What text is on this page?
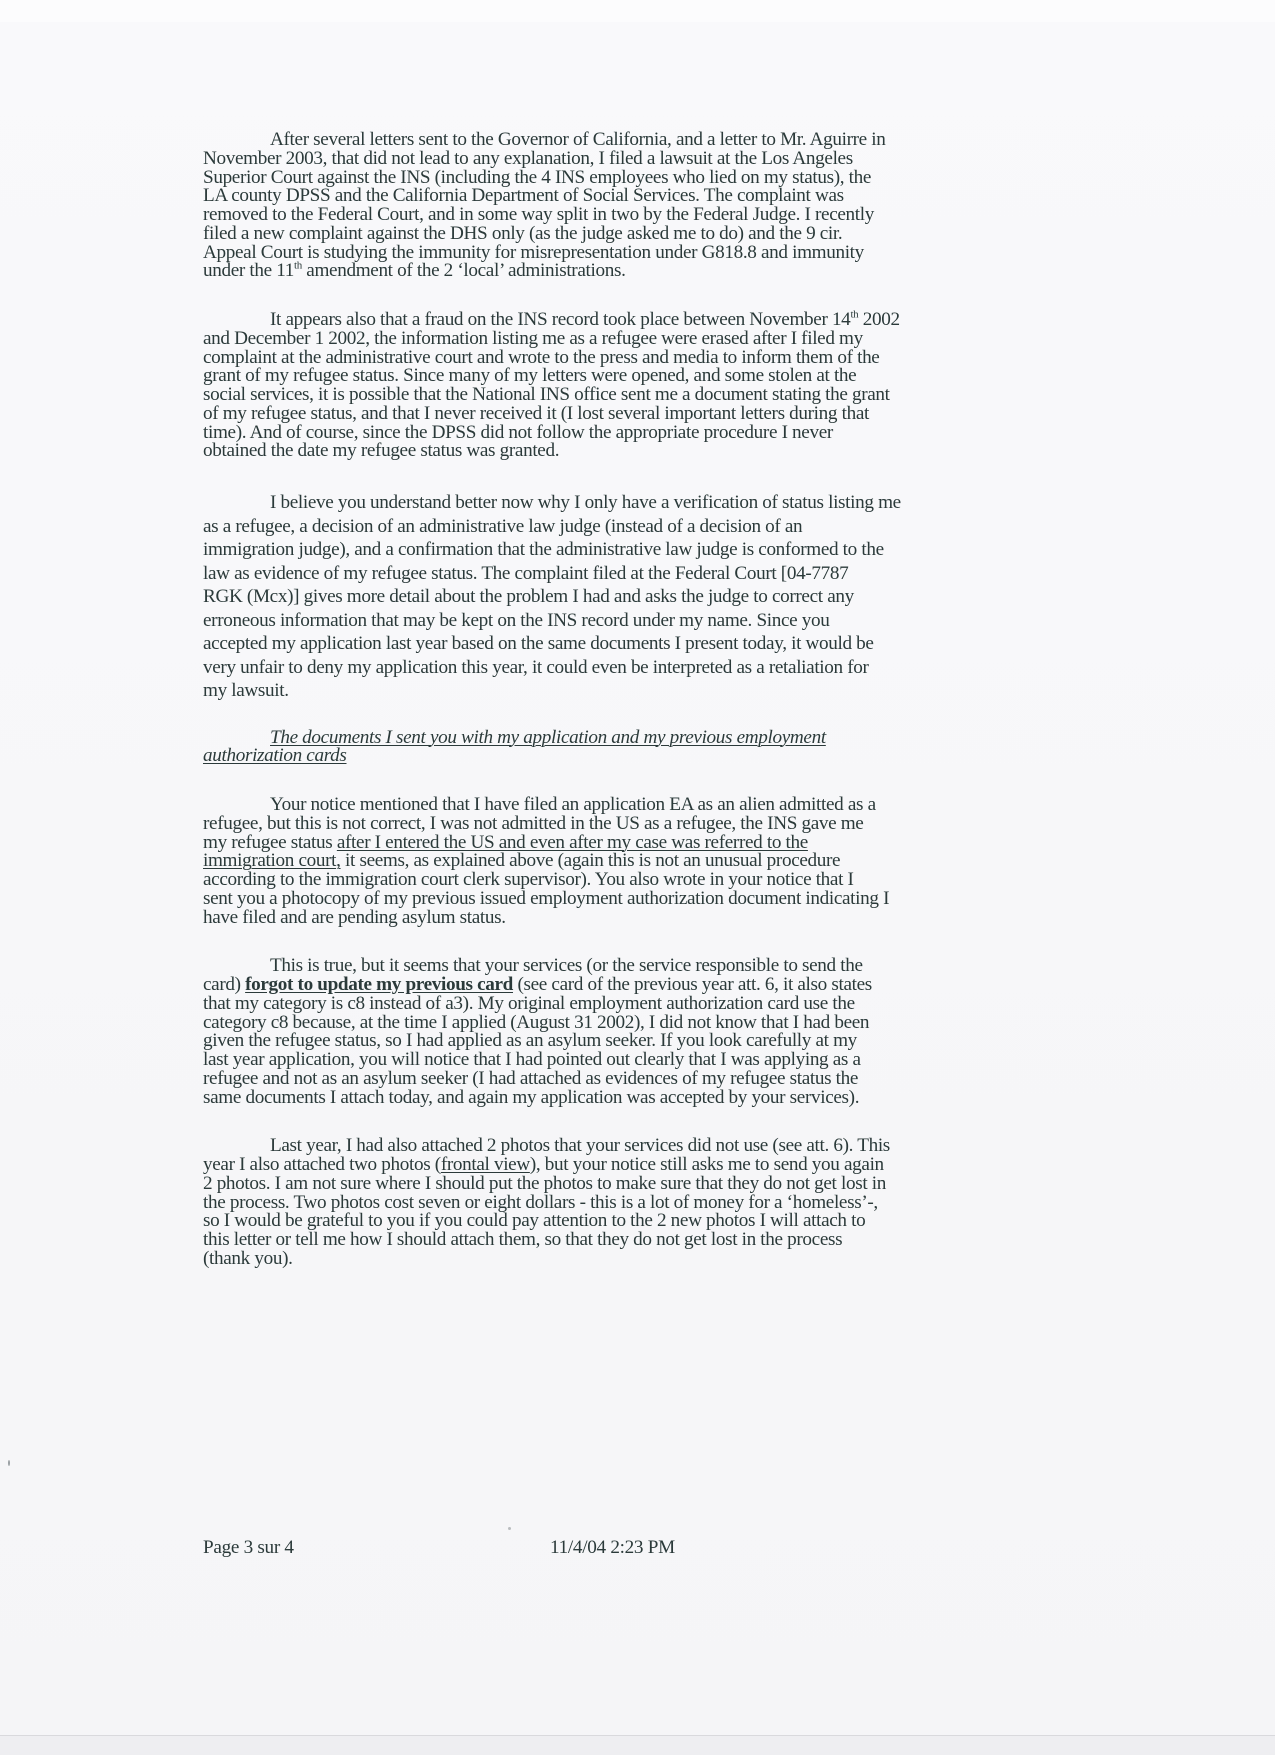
After several letters sent to the Governor of California, and a letter to Mr. Aguirre in
November 2003, that did not lead to any explanation, I filed a lawsuit at the Los Angeles
Superior Court against the INS (including the 4 INS employees who lied on my status), the
LA county DPSS and the California Department of Social Services. The complaint was
removed to the Federal Court, and in some way split in two by the Federal Judge. I recently
filed a new complaint against the DHS only (as the judge asked me to do) and the 9 cir.
Appeal Court is studying the immunity for misrepresentation under G818.8 and immunity
under the 11th amendment of the 2 ‘local’ administrations.
It appears also that a fraud on the INS record took place between November 14th 2002
and December 1 2002, the information listing me as a refugee were erased after I filed my
complaint at the administrative court and wrote to the press and media to inform them of the
grant of my refugee status. Since many of my letters were opened, and some stolen at the
social services, it is possible that the National INS office sent me a document stating the grant
of my refugee status, and that I never received it (I lost several important letters during that
time). And of course, since the DPSS did not follow the appropriate procedure I never
obtained the date my refugee status was granted.
I believe you understand better now why I only have a verification of status listing me
as a refugee, a decision of an administrative law judge (instead of a decision of an
immigration judge), and a confirmation that the administrative law judge is conformed to the
law as evidence of my refugee status. The complaint filed at the Federal Court [04-7787
RGK (Mcx)] gives more detail about the problem I had and asks the judge to correct any
erroneous information that may be kept on the INS record under my name. Since you
accepted my application last year based on the same documents I present today, it would be
very unfair to deny my application this year, it could even be interpreted as a retaliation for
my lawsuit.
The documents I sent you with my application and my previous employment
authorization cards
Your notice mentioned that I have filed an application EA as an alien admitted as a
refugee, but this is not correct, I was not admitted in the US as a refugee, the INS gave me
my refugee status after I entered the US and even after my case was referred to the
immigration court, it seems, as explained above (again this is not an unusual procedure
according to the immigration court clerk supervisor). You also wrote in your notice that I
sent you a photocopy of my previous issued employment authorization document indicating I
have filed and are pending asylum status.
This is true, but it seems that your services (or the service responsible to send the
card) forgot to update my previous card (see card of the previous year att. 6, it also states
that my category is c8 instead of a3). My original employment authorization card use the
category c8 because, at the time I applied (August 31 2002), I did not know that I had been
given the refugee status, so I had applied as an asylum seeker. If you look carefully at my
last year application, you will notice that I had pointed out clearly that I was applying as a
refugee and not as an asylum seeker (I had attached as evidences of my refugee status the
same documents I attach today, and again my application was accepted by your services).
Last year, I had also attached 2 photos that your services did not use (see att. 6). This
year I also attached two photos (frontal view), but your notice still asks me to send you again
2 photos. I am not sure where I should put the photos to make sure that they do not get lost in
the process. Two photos cost seven or eight dollars - this is a lot of money for a ‘homeless’-,
so I would be grateful to you if you could pay attention to the 2 new photos I will attach to
this letter or tell me how I should attach them, so that they do not get lost in the process
(thank you).
Page 3 sur 4	11/4/04 2:23 PM
